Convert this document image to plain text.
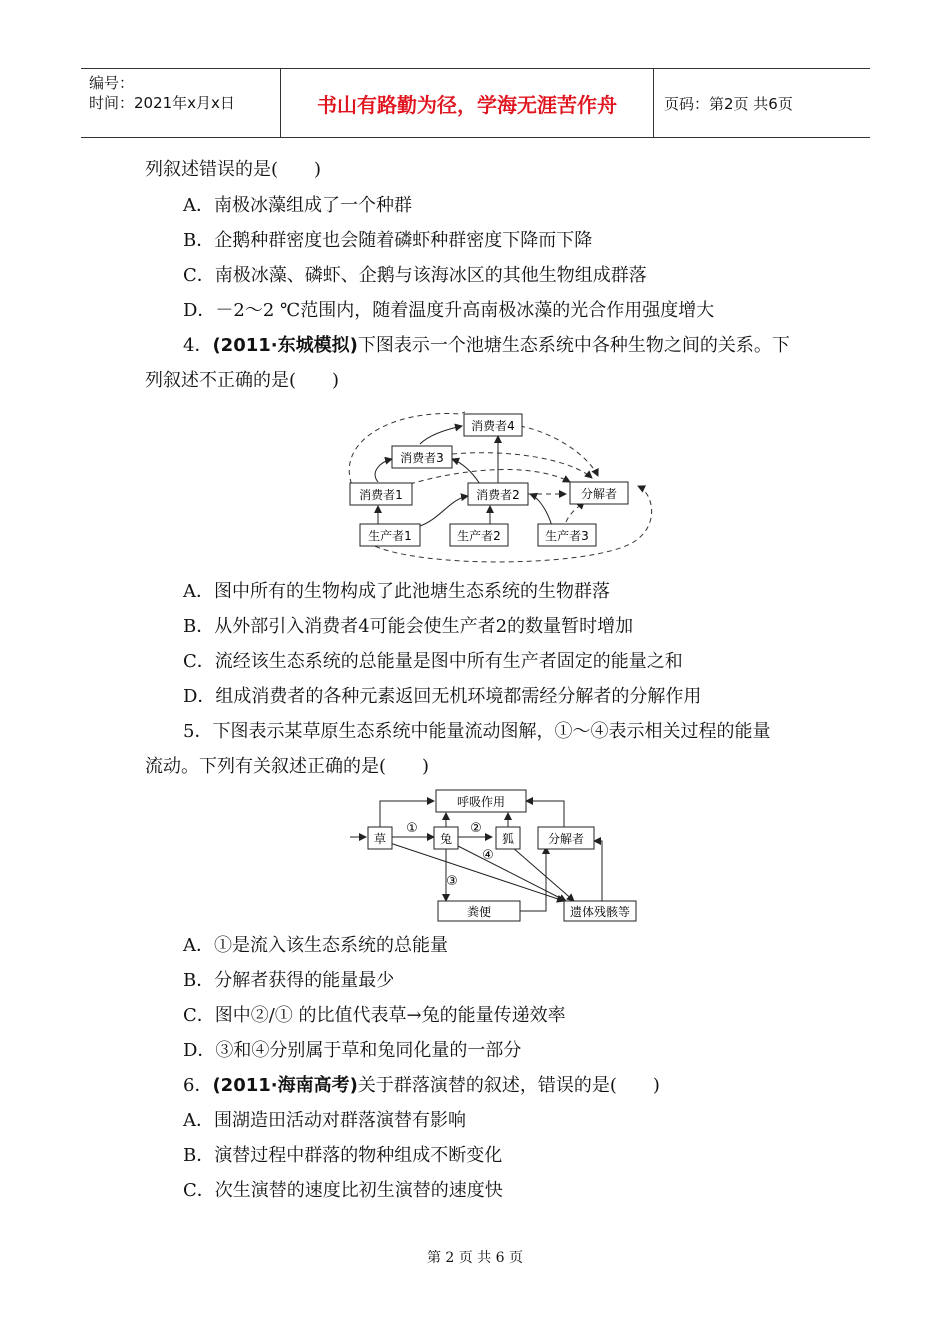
编号：
时间：2021年x月x日	书山有路勤为径，学海无涯苦作舟	页码：第2页 共6页
列叙述错误的是(　　)
A．南极冰藻组成了一个种群
B．企鹅种群密度也会随着磷虾种群密度下降而下降
C．南极冰藻、磷虾、企鹅与该海冰区的其他生物组成群落
D．－2～2 ℃范围内，随着温度升高南极冰藻的光合作用强度增大
4．(2011·东城模拟)下图表示一个池塘生态系统中各种生物之间的关系。下
列叙述不正确的是(　　)
消费者4
消费者3
消费者1	消费者2	分解者
生产者1	生产者2	生产者3
A．图中所有的生物构成了此池塘生态系统的生物群落
B．从外部引入消费者4可能会使生产者2的数量暂时增加
C．流经该生态系统的总能量是图中所有生产者固定的能量之和
D．组成消费者的各种元素返回无机环境都需经分解者的分解作用
5．下图表示某草原生态系统中能量流动图解，①～④表示相关过程的能量
流动。下列有关叙述正确的是(　　)
呼吸作用
草	兔	狐	分解者
粪便	遗体残骸等
①	②
④
③
A．①是流入该生态系统的总能量
B．分解者获得的能量最少
C．图中②/① 的比值代表草→兔的能量传递效率
D．③和④分别属于草和兔同化量的一部分
6．(2011·海南高考)关于群落演替的叙述，错误的是(　　)
A．围湖造田活动对群落演替有影响
B．演替过程中群落的物种组成不断变化
C．次生演替的速度比初生演替的速度快
第 2 页 共 6 页
